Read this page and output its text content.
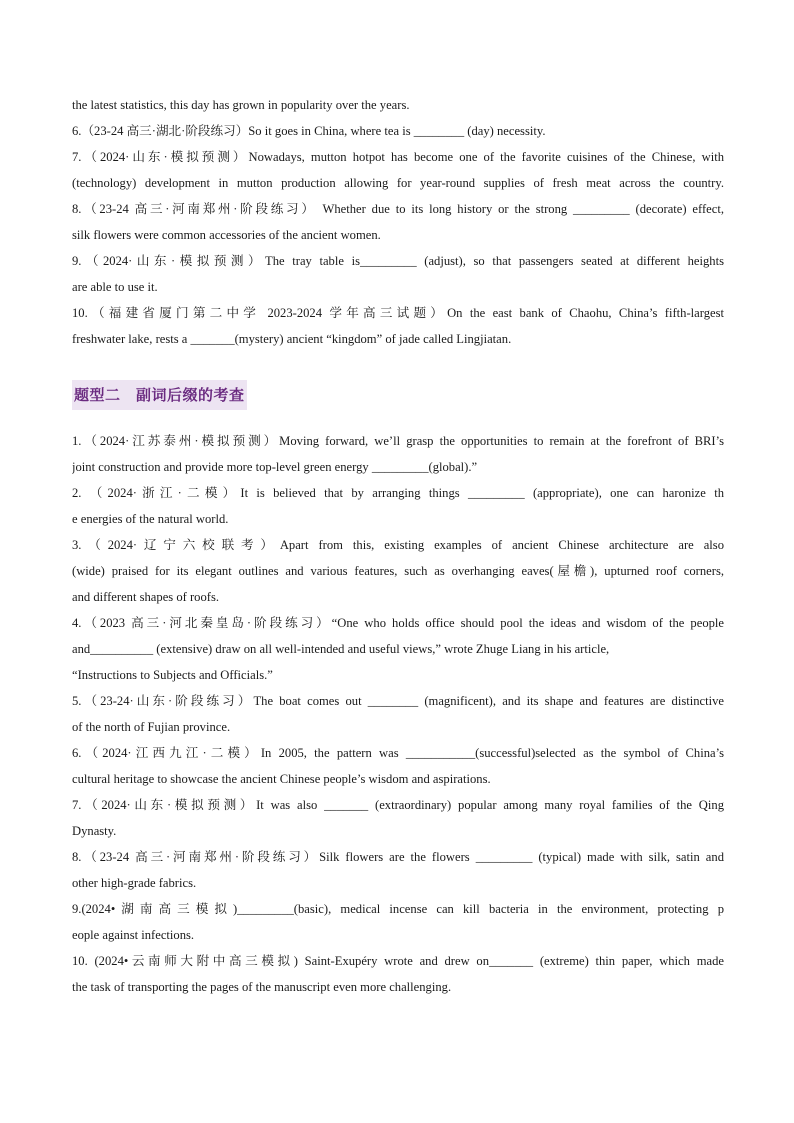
the latest statistics, this day has grown in popularity over the years.
6.（23-24 高三·湖北·阶段练习）So it goes in China, where tea is ________ (day) necessity.
7.（2024·山东·模拟预测）Nowadays, mutton hotpot has become one of the favorite cuisines of the Chinese, with
(technology) development in mutton production allowing for year-round supplies of fresh meat across the country.
8.（23-24 高三·河南郑州·阶段练习） Whether due to its long history or the strong _________ (decorate) effect,
silk flowers were common accessories of the ancient women.
9.（2024·山东·模拟预测）The tray table is_________ (adjust), so that passengers seated at different heights
are able to use it.
10.（福建省厦门第二中学 2023-2024 学年高三试题）On the east bank of Chaohu, China’s fifth-largest
freshwater lake, rests a _______(mystery) ancient “kingdom” of jade called Lingjiatan.
题型二　副词后缀的考查
1.（2024·江苏泰州·模拟预测）Moving forward, we’ll grasp the opportunities to remain at the forefront of BRI’s
joint construction and provide more top-level green energy _________(global).”
2. （2024·浙江·二模）It is believed that by arranging things _________ (appropriate), one can haronize th
e energies of the natural world.
3.（2024·辽宁六校联考）Apart from this, existing examples of ancient Chinese architecture are also
(wide) praised for its elegant outlines and various features, such as overhanging eaves(屋檐), upturned roof corners,
and different shapes of roofs.
4.（2023 高三·河北秦皇岛·阶段练习）“One who holds office should pool the ideas and wisdom of the people
and__________ (extensive) draw on all well-intended and useful views,” wrote Zhuge Liang in his article,
“Instructions to Subjects and Officials.”
5.（23-24·山东·阶段练习）The boat comes out ________ (magnificent), and its shape and features are distinctive
of the north of Fujian province.
6.（2024·江西九江·二模）In 2005, the pattern was ___________(successful)selected as the symbol of China’s
cultural heritage to showcase the ancient Chinese people’s wisdom and aspirations.
7.（2024·山东·模拟预测）It was also _______ (extraordinary) popular among many royal families of the Qing
Dynasty.
8.（23-24 高三·河南郑州·阶段练习）Silk flowers are the flowers _________ (typical) made with silk, satin and
other high-grade fabrics.
9.(2024•湖南高三模拟)_________(basic), medical incense can kill bacteria in the environment, protecting p
eople against infections.
10. (2024•云南师大附中高三模拟) Saint-Exupéry wrote and drew on_______ (extreme) thin paper, which made
the task of transporting the pages of the manuscript even more challenging.
